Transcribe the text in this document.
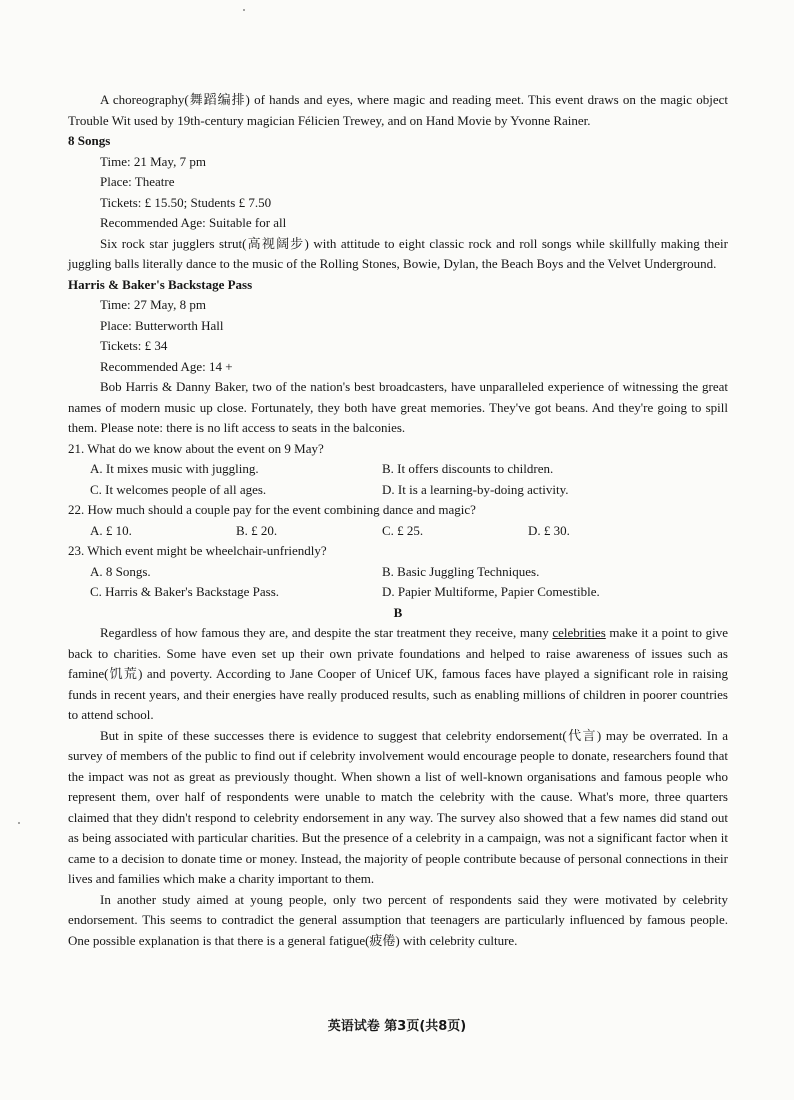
A choreography(舞蹈编排) of hands and eyes, where magic and reading meet. This event draws on the magic object Trouble Wit used by 19th-century magician Félicien Trewey, and on Hand Movie by Yvonne Rainer.

8 Songs

Time: 21 May, 7 pm

Place: Theatre

Tickets: £ 15.50; Students £ 7.50

Recommended Age: Suitable for all

Six rock star jugglers strut(高视阔步) with attitude to eight classic rock and roll songs while skillfully making their juggling balls literally dance to the music of the Rolling Stones, Bowie, Dylan, the Beach Boys and the Velvet Underground.

Harris & Baker's Backstage Pass

Time: 27 May, 8 pm

Place: Butterworth Hall

Tickets: £ 34

Recommended Age: 14 +

Bob Harris & Danny Baker, two of the nation's best broadcasters, have unparalleled experience of witnessing the great names of modern music up close. Fortunately, they both have great memories. They've got beans. And they're going to spill them. Please note: there is no lift access to seats in the balconies.

21. What do we know about the event on 9 May?

A. It mixes music with juggling.	B. It offers discounts to children.
C. It welcomes people of all ages.	D. It is a learning-by-doing activity.

22. How much should a couple pay for the event combining dance and magic?

A. £ 10.	B. £ 20.	C. £ 25.	D. £ 30.

23. Which event might be wheelchair-unfriendly?

A. 8 Songs.	B. Basic Juggling Techniques.
C. Harris & Baker's Backstage Pass.	D. Papier Multiforme, Papier Comestible.

B

Regardless of how famous they are, and despite the star treatment they receive, many celebrities make it a point to give back to charities. Some have even set up their own private foundations and helped to raise awareness of issues such as famine(饥荒) and poverty. According to Jane Cooper of Unicef UK, famous faces have played a significant role in raising funds in recent years, and their energies have really produced results, such as enabling millions of children in poorer countries to attend school.

But in spite of these successes there is evidence to suggest that celebrity endorsement(代言) may be overrated. In a survey of members of the public to find out if celebrity involvement would encourage people to donate, researchers found that the impact was not as great as previously thought. When shown a list of well-known organisations and famous people who represent them, over half of respondents were unable to match the celebrity with the cause. What's more, three quarters claimed that they didn't respond to celebrity endorsement in any way. The survey also showed that a few names did stand out as being associated with particular charities. But the presence of a celebrity in a campaign, was not a significant factor when it came to a decision to donate time or money. Instead, the majority of people contribute because of personal connections in their lives and families which make a charity important to them.

In another study aimed at young people, only two percent of respondents said they were motivated by celebrity endorsement. This seems to contradict the general assumption that teenagers are particularly influenced by famous people. One possible explanation is that there is a general fatigue(疲倦) with celebrity culture.

英语试卷 第3页(共8页)
